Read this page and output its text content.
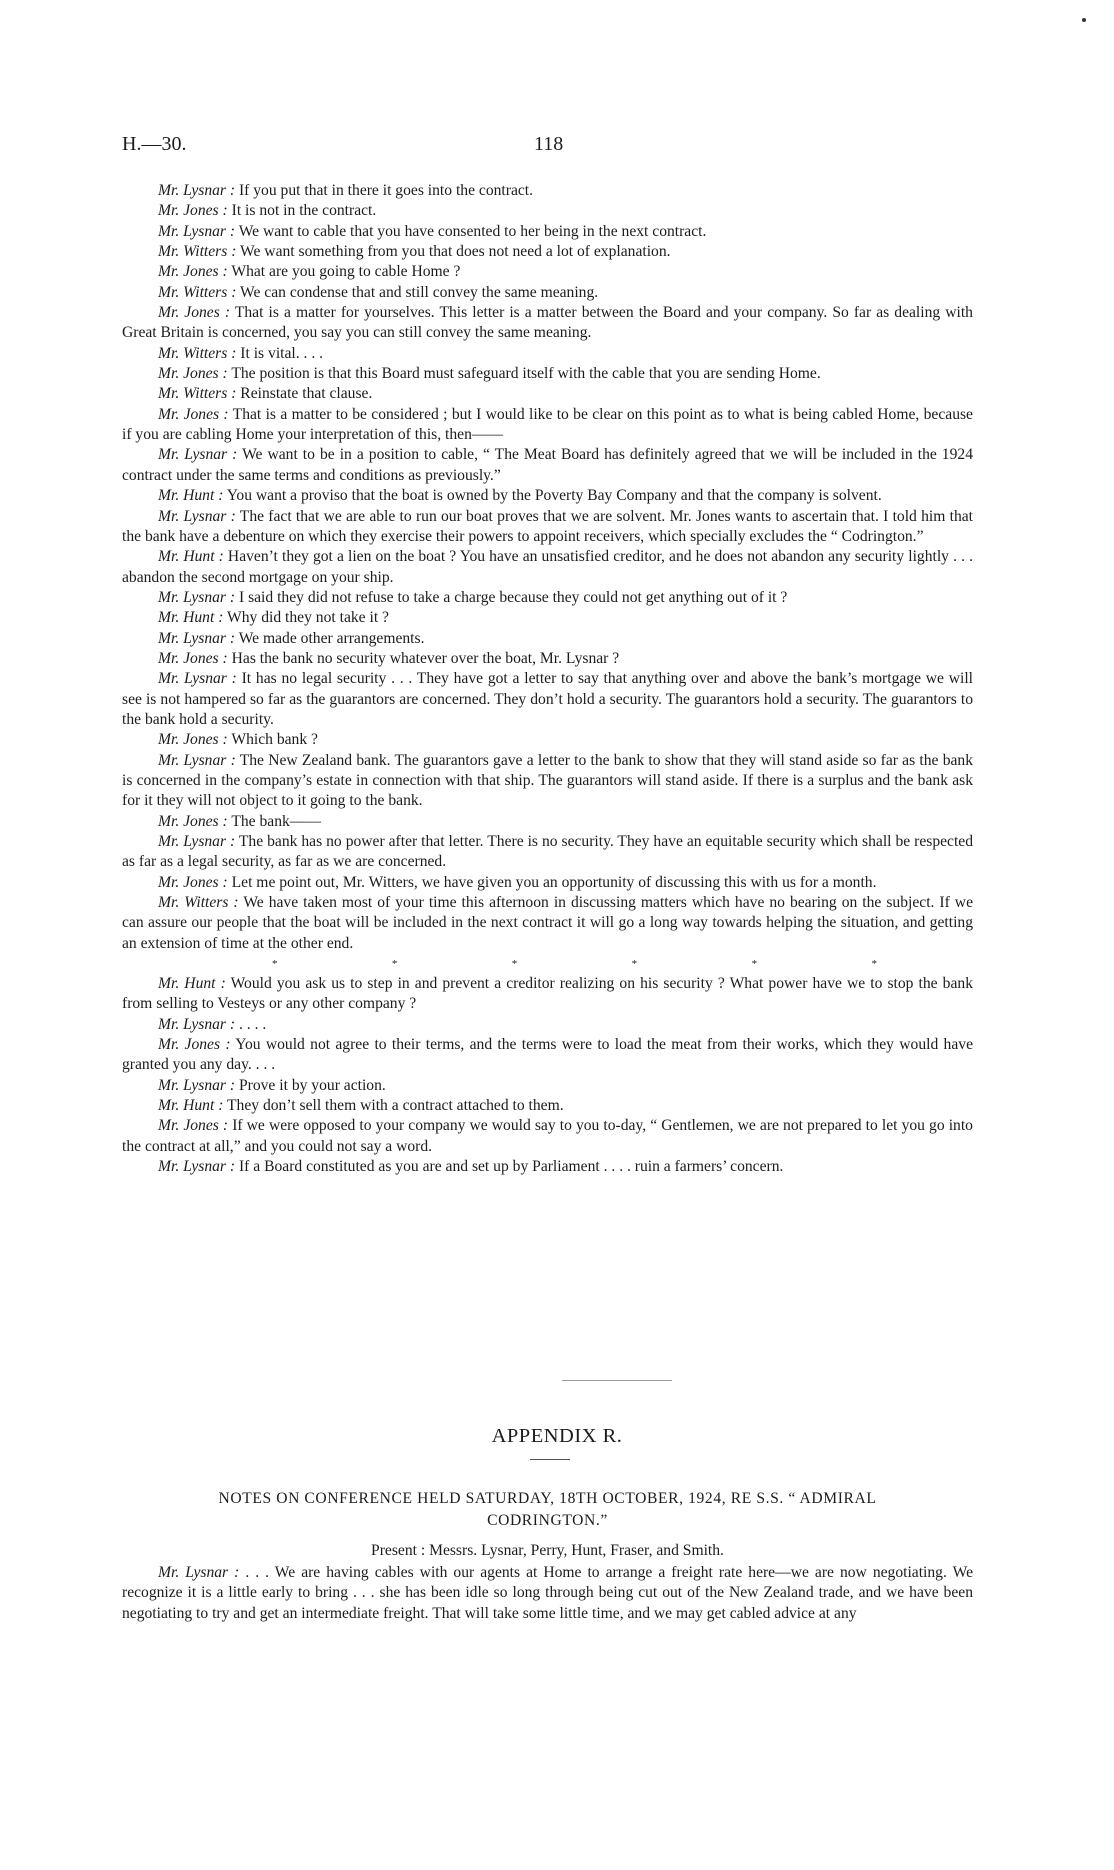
H.—30.	118

Mr. Lysnar : If you put that in there it goes into the contract.

Mr. Jones : It is not in the contract.

Mr. Lysnar : We want to cable that you have consented to her being in the next contract.

Mr. Witters : We want something from you that does not need a lot of explanation.

Mr. Jones : What are you going to cable Home ?

Mr. Witters : We can condense that and still convey the same meaning.

Mr. Jones : That is a matter for yourselves. This letter is a matter between the Board and your company. So far as dealing with Great Britain is concerned, you say you can still convey the same meaning.

Mr. Witters : It is vital. . . .

Mr. Jones : The position is that this Board must safeguard itself with the cable that you are sending Home.

Mr. Witters : Reinstate that clause.

Mr. Jones : That is a matter to be considered ; but I would like to be clear on this point as to what is being cabled Home, because if you are cabling Home your interpretation of this, then——

Mr. Lysnar : We want to be in a position to cable, “ The Meat Board has definitely agreed that we will be included in the 1924 contract under the same terms and conditions as previously.”

Mr. Hunt : You want a proviso that the boat is owned by the Poverty Bay Company and that the company is solvent.

Mr. Lysnar : The fact that we are able to run our boat proves that we are solvent. Mr. Jones wants to ascertain that. I told him that the bank have a debenture on which they exercise their powers to appoint receivers, which specially excludes the “ Codrington.”

Mr. Hunt : Haven’t they got a lien on the boat ? You have an unsatisfied creditor, and he does not abandon any security lightly . . . abandon the second mortgage on your ship.

Mr. Lysnar : I said they did not refuse to take a charge because they could not get anything out of it ?

Mr. Hunt : Why did they not take it ?

Mr. Lysnar : We made other arrangements.

Mr. Jones : Has the bank no security whatever over the boat, Mr. Lysnar ?

Mr. Lysnar : It has no legal security . . . They have got a letter to say that anything over and above the bank’s mortgage we will see is not hampered so far as the guarantors are concerned. They don’t hold a security. The guarantors hold a security. The guarantors to the bank hold a security.

Mr. Jones : Which bank ?

Mr. Lysnar : The New Zealand bank. The guarantors gave a letter to the bank to show that they will stand aside so far as the bank is concerned in the company’s estate in connection with that ship. The guarantors will stand aside. If there is a surplus and the bank ask for it they will not object to it going to the bank.

Mr. Jones : The bank——

Mr. Lysnar : The bank has no power after that letter. There is no security. They have an equitable security which shall be respected as far as a legal security, as far as we are concerned.

Mr. Jones : Let me point out, Mr. Witters, we have given you an opportunity of discussing this with us for a month.

Mr. Witters : We have taken most of your time this afternoon in discussing matters which have no bearing on the subject. If we can assure our people that the boat will be included in the next contract it will go a long way towards helping the situation, and getting an extension of time at the other end.

*	*	*	*	*	*

Mr. Hunt : Would you ask us to step in and prevent a creditor realizing on his security ? What power have we to stop the bank from selling to Vesteys or any other company ?

Mr. Lysnar : . . . .

Mr. Jones : You would not agree to their terms, and the terms were to load the meat from their works, which they would have granted you any day. . . .

Mr. Lysnar : Prove it by your action.

Mr. Hunt : They don’t sell them with a contract attached to them.

Mr. Jones : If we were opposed to your company we would say to you to-day, “ Gentlemen, we are not prepared to let you go into the contract at all,” and you could not say a word.

Mr. Lysnar : If a Board constituted as you are and set up by Parliament . . . . ruin a farmers’ concern.

APPENDIX R.
NOTES ON CONFERENCE HELD SATURDAY, 18TH OCTOBER, 1924, RE S.S. “ ADMIRAL
CODRINGTON.”
Present : Messrs. Lysnar, Perry, Hunt, Fraser, and Smith.

Mr. Lysnar : . . . We are having cables with our agents at Home to arrange a freight rate here—we are now negotiating. We recognize it is a little early to bring . . . she has been idle so long through being cut out of the New Zealand trade, and we have been negotiating to try and get an intermediate freight. That will take some little time, and we may get cabled advice at any
